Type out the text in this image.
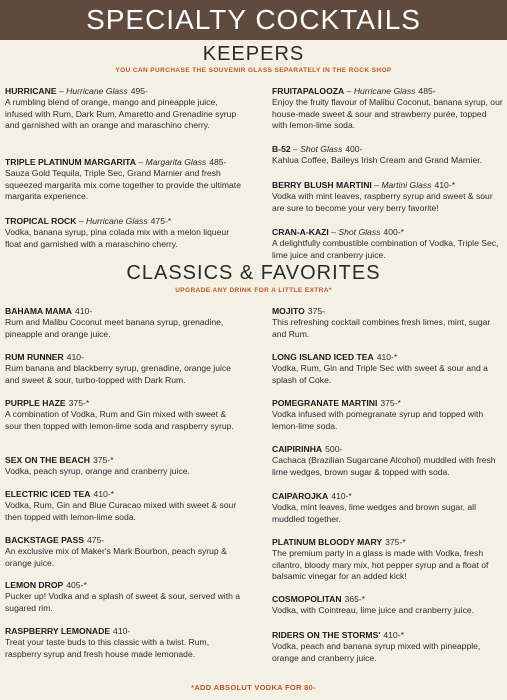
SPECIALTY COCKTAILS
KEEPERS
YOU CAN PURCHASE THE SOUVENIR GLASS SEPARATELY IN THE ROCK SHOP
HURRICANE – Hurricane Glass 495-
A rumbling blend of orange, mango and pineapple juice, infused with Rum, Dark Rum, Amaretto and Grenadine syrup and garnished with an orange and maraschino cherry.
TRIPLE PLATINUM MARGARITA – Margarita Glass 485-
Sauza Gold Tequila, Triple Sec, Grand Marnier and fresh squeezed margarita mix come together to provide the ultimate margarita experience.
TROPICAL ROCK – Hurricane Glass 475-*
Vodka, banana syrup, pina colada mix with a melon liqueur float and garnished with a maraschino cherry.
FRUITAPALOOZA – Hurricane Glass 485-
Enjoy the fruity flavour of Malibu Coconut, banana syrup, our house-made sweet & sour and strawberry purée, topped with lemon-lime soda.
B-52 – Shot Glass 400-
Kahlua Coffee, Baileys Irish Cream and Grand Marnier.
BERRY BLUSH MARTINI – Martini Glass 410-*
Vodka with mint leaves, raspberry syrup and sweet & sour are sure to become your very berry favorite!
CRAN-A-KAZI – Shot Glass 400-*
A delightfully combustible combination of Vodka, Triple Sec, lime juice and cranberry juice.
CLASSICS & FAVORITES
UPGRADE ANY DRINK FOR A LITTLE EXTRA*
BAHAMA MAMA 410-
Rum and Malibu Coconut meet banana syrup, grenadine, pineapple and orange juice.
RUM RUNNER 410-
Rum banana and blackberry syrup, grenadine, orange juice and sweet & sour, turbo-topped with Dark Rum.
PURPLE HAZE 375-*
A combination of Vodka, Rum and Gin mixed with sweet & sour then topped with lemon-lime soda and raspberry syrup.
SEX ON THE BEACH 375-*
Vodka, peach syrup, orange and cranberry juice.
ELECTRIC ICED TEA 410-*
Vodka, Rum, Gin and Blue Curacao mixed with sweet & sour then topped with lemon-lime soda.
BACKSTAGE PASS 475-
An exclusive mix of Maker's Mark Bourbon, peach syrup & orange juice.
LEMON DROP 405-*
Pucker up! Vodka and a splash of sweet & sour, served with a sugared rim.
RASPBERRY LEMONADE 410-
Treat your taste buds to this classic with a twist. Rum, raspberry syrup and fresh house made lemonade.
MOJITO 375-
This refreshing cocktail combines fresh limes, mint, sugar and Rum.
LONG ISLAND ICED TEA 410-*
Vodka, Rum, Gin and Triple Sec with sweet & sour and a splash of Coke.
POMEGRANATE MARTINI 375-*
Vodka infused with pomegranate syrup and topped with lemon-lime soda.
CAIPIRINHA 500-
Cachaca (Brazilian Sugarcane Alcohol) muddled with fresh lime wedges, brown sugar & topped with soda.
CAIPAROJKA 410-*
Vodka, mint leaves, lime wedges and brown sugar, all muddled together.
PLATINUM BLOODY MARY 375-*
The premium party in a glass is made with Vodka, fresh cilantro, bloody mary mix, hot pepper syrup and a float of balsamic vinegar for an added kick!
COSMOPOLITAN 365-*
Vodka, with Cointreau, lime juice and cranberry juice.
RIDERS ON THE STORMS' 410-*
Vodka, peach and banana syrup mixed with pineapple, orange and cranberry juice.
*ADD ABSOLUT VODKA FOR 80-
